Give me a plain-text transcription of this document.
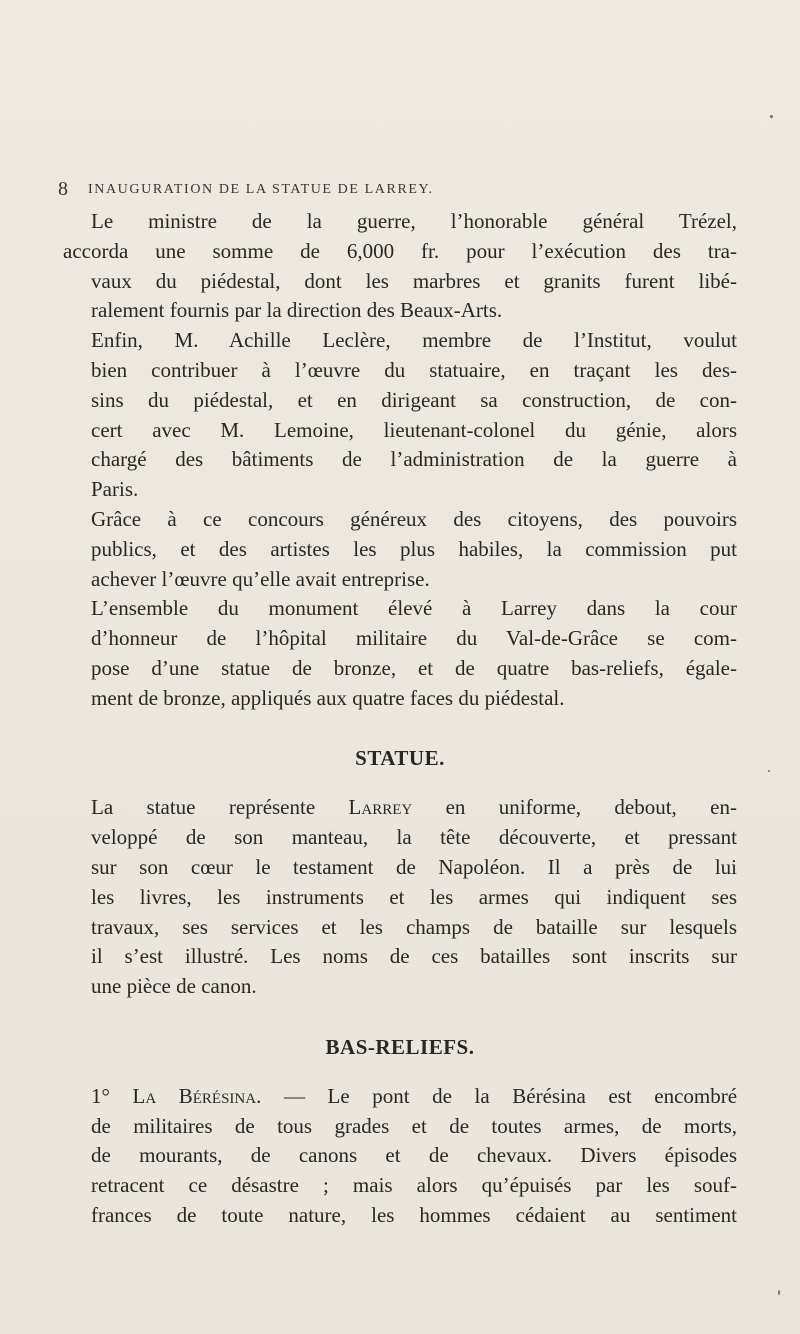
8 INAUGURATION DE LA STATUE DE LARREY.

Le ministre de la guerre, l’honorable général Trézel,
accorda une somme de 6,000 fr. pour l’exécution des tra-
vaux du piédestal, dont les marbres et granits furent libé-
ralement fournis par la direction des Beaux-Arts.

Enfin, M. Achille Leclère, membre de l’Institut, voulut
bien contribuer à l’œuvre du statuaire, en traçant les des-
sins du piédestal, et en dirigeant sa construction, de con-
cert avec M. Lemoine, lieutenant-colonel du génie, alors
chargé des bâtiments de l’administration de la guerre à
Paris.

Grâce à ce concours généreux des citoyens, des pouvoirs
publics, et des artistes les plus habiles, la commission put
achever l’œuvre qu’elle avait entreprise.

L’ensemble du monument élevé à Larrey dans la cour
d’honneur de l’hôpital militaire du Val-de-Grâce se com-
pose d’une statue de bronze, et de quatre bas-reliefs, égale-
ment de bronze, appliqués aux quatre faces du piédestal.

STATUE.

La statue représente Larrey en uniforme, debout, en-
veloppé de son manteau, la tête découverte, et pressant
sur son cœur le testament de Napoléon. Il a près de lui
les livres, les instruments et les armes qui indiquent ses
travaux, ses services et les champs de bataille sur lesquels
il s’est illustré. Les noms de ces batailles sont inscrits sur
une pièce de canon.

BAS-RELIEFS.

1° La Bérésina. — Le pont de la Bérésina est encombré
de militaires de tous grades et de toutes armes, de morts,
de mourants, de canons et de chevaux. Divers épisodes
retracent ce désastre ; mais alors qu’épuisés par les souf-
frances de toute nature, les hommes cédaient au sentiment
